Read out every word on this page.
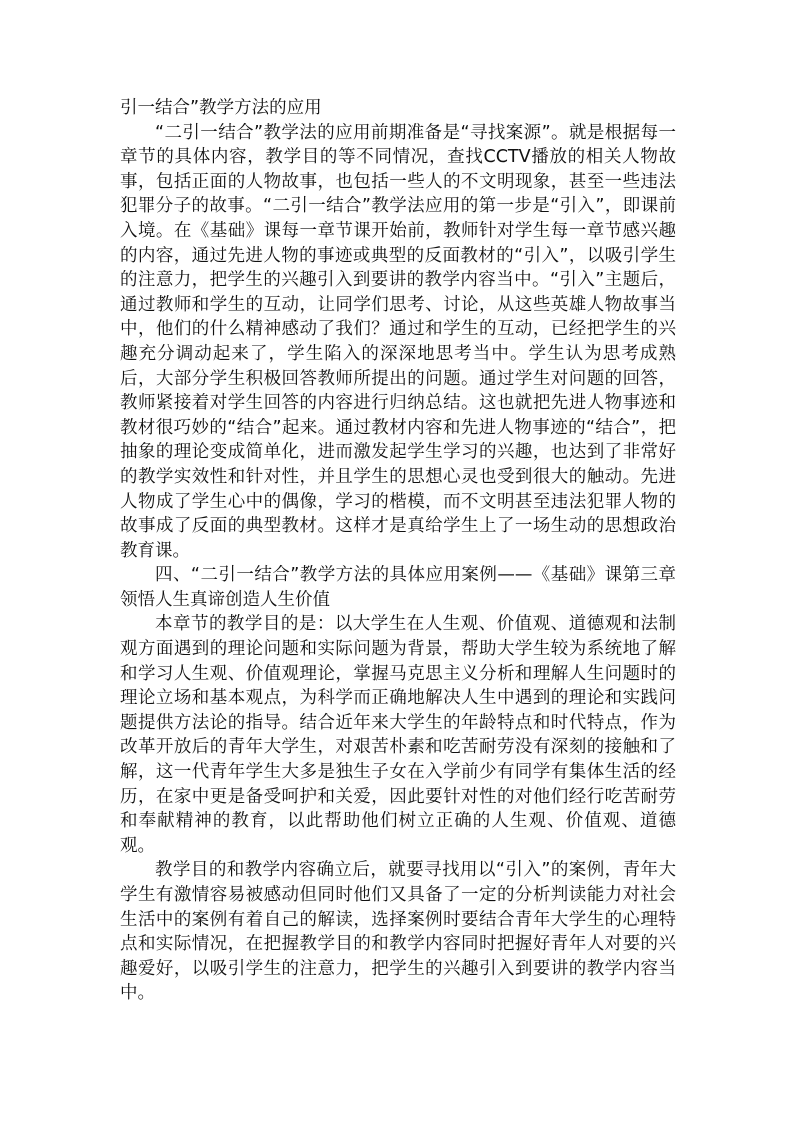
引一结合”教学方法的应用

“二引一结合”教学法的应用前期准备是“寻找案源”。就是根据每一章节的具体内容，教学目的等不同情况，查找CCTV播放的相关人物故事，包括正面的人物故事，也包括一些人的不文明现象，甚至一些违法犯罪分子的故事。“二引一结合”教学法应用的第一步是“引入”，即课前入境。在《基础》课每一章节课开始前，教师针对学生每一章节感兴趣的内容，通过先进人物的事迹或典型的反面教材的“引入”，以吸引学生的注意力，把学生的兴趣引入到要讲的教学内容当中。“引入”主题后，通过教师和学生的互动，让同学们思考、讨论，从这些英雄人物故事当中，他们的什么精神感动了我们？通过和学生的互动，已经把学生的兴趣充分调动起来了，学生陷入的深深地思考当中。学生认为思考成熟后，大部分学生积极回答教师所提出的问题。通过学生对问题的回答，教师紧接着对学生回答的内容进行归纳总结。这也就把先进人物事迹和教材很巧妙的“结合”起来。通过教材内容和先进人物事迹的“结合”，把抽象的理论变成简单化，进而激发起学生学习的兴趣，也达到了非常好的教学实效性和针对性，并且学生的思想心灵也受到很大的触动。先进人物成了学生心中的偶像，学习的楷模，而不文明甚至违法犯罪人物的故事成了反面的典型教材。这样才是真给学生上了一场生动的思想政治教育课。

四、“二引一结合”教学方法的具体应用案例——《基础》课第三章领悟人生真谛创造人生价值

本章节的教学目的是：以大学生在人生观、价值观、道德观和法制观方面遇到的理论问题和实际问题为背景，帮助大学生较为系统地了解和学习人生观、价值观理论，掌握马克思主义分析和理解人生问题时的理论立场和基本观点，为科学而正确地解决人生中遇到的理论和实践问题提供方法论的指导。结合近年来大学生的年龄特点和时代特点，作为改革开放后的青年大学生，对艰苦朴素和吃苦耐劳没有深刻的接触和了解，这一代青年学生大多是独生子女在入学前少有同学有集体生活的经历，在家中更是备受呵护和关爱，因此要针对性的对他们经行吃苦耐劳和奉献精神的教育，以此帮助他们树立正确的人生观、价值观、道德观。

教学目的和教学内容确立后，就要寻找用以“引入”的案例，青年大学生有激情容易被感动但同时他们又具备了一定的分析判读能力对社会生活中的案例有着自己的解读，选择案例时要结合青年大学生的心理特点和实际情况，在把握教学目的和教学内容同时把握好青年人对要的兴趣爱好，以吸引学生的注意力，把学生的兴趣引入到要讲的教学内容当中。
